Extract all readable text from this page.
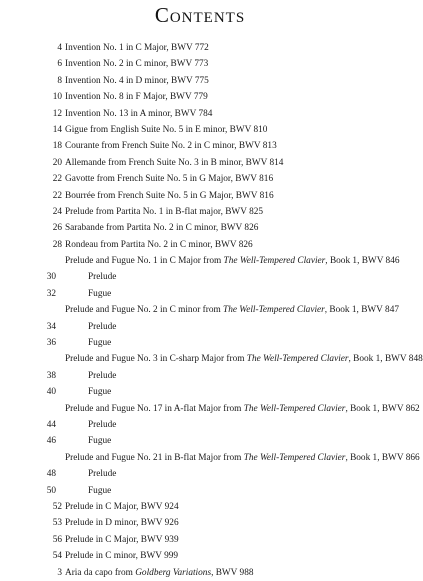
Contents
4 Invention No. 1 in C Major, BWV 772
6 Invention No. 2 in C minor, BWV 773
8 Invention No. 4 in D minor, BWV 775
10 Invention No. 8 in F Major, BWV 779
12 Invention No. 13 in A minor, BWV 784
14 Gigue from English Suite No. 5 in E minor, BWV 810
18 Courante from French Suite No. 2 in C minor, BWV 813
20 Allemande from French Suite No. 3 in B minor, BWV 814
22 Gavotte from French Suite No. 5 in G Major, BWV 816
22 Bourrée from French Suite No. 5 in G Major, BWV 816
24 Prelude from Partita No. 1 in B-flat major, BWV 825
26 Sarabande from Partita No. 2 in C minor, BWV 826
28 Rondeau from Partita No. 2 in C minor, BWV 826
Prelude and Fugue No. 1 in C Major from The Well-Tempered Clavier, Book 1, BWV 846
30	Prelude
32	Fugue
Prelude and Fugue No. 2 in C minor from The Well-Tempered Clavier, Book 1, BWV 847
34	Prelude
36	Fugue
Prelude and Fugue No. 3 in C-sharp Major from The Well-Tempered Clavier, Book 1, BWV 848
38	Prelude
40	Fugue
Prelude and Fugue No. 17 in A-flat Major from The Well-Tempered Clavier, Book 1, BWV 862
44	Prelude
46	Fugue
Prelude and Fugue No. 21 in B-flat Major from The Well-Tempered Clavier, Book 1, BWV 866
48	Prelude
50	Fugue
52 Prelude in C Major, BWV 924
53 Prelude in D minor, BWV 926
56 Prelude in C Major, BWV 939
54 Prelude in C minor, BWV 999
3 Aria da capo from Goldberg Variations, BWV 988
